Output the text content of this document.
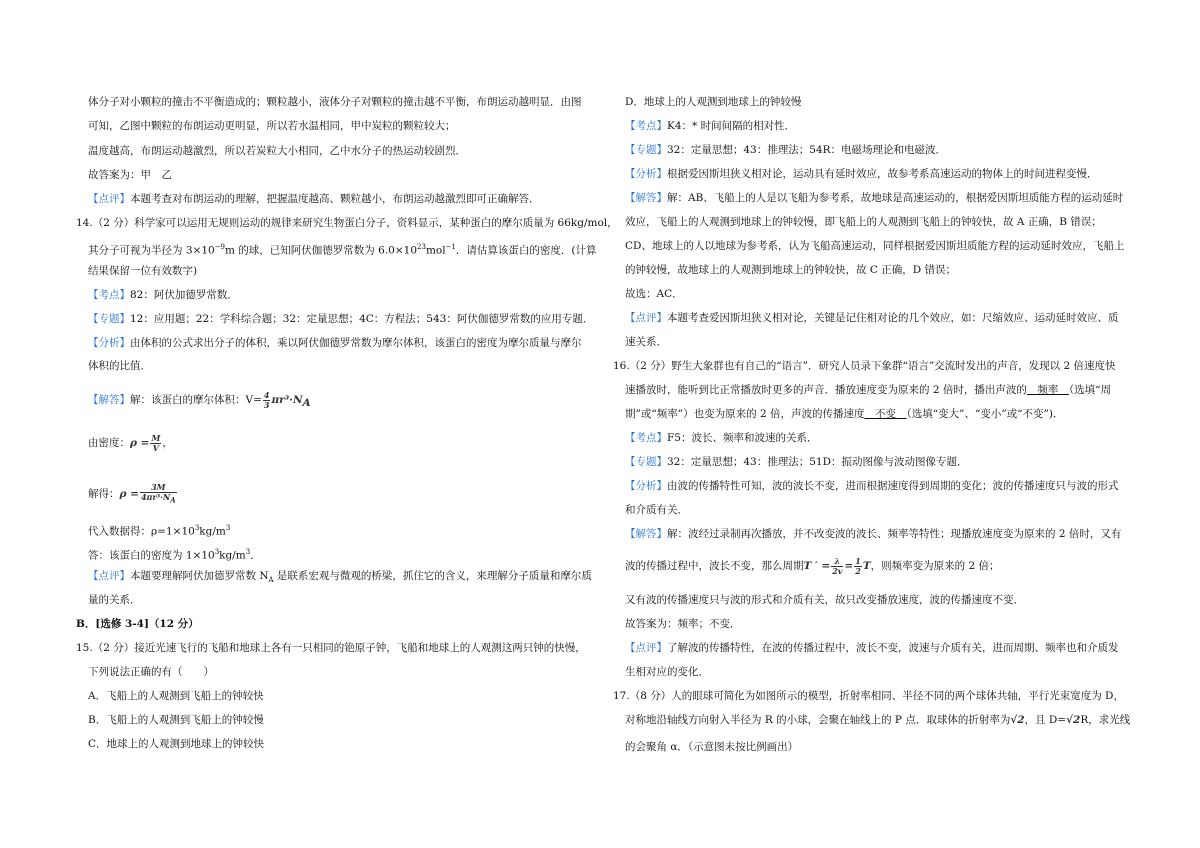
体分子对小颗粒的撞击不平衡造成的；颗粒越小，液体分子对颗粒的撞击越不平衡，布朗运动越明显．由图
可知，乙图中颗粒的布朗运动更明显，所以若水温相同，甲中炭粒的颗粒较大；
温度越高，布朗运动越激烈，所以若炭粒大小相同，乙中水分子的热运动较剧烈．
故答案为：甲　乙
【点评】本题考查对布朗运动的理解，把握温度越高、颗粒越小，布朗运动越激烈即可正确解答．
14.（2 分）科学家可以运用无规则运动的规律来研究生物蛋白分子，资料显示，某种蛋白的摩尔质量为 66kg/mol，
其分子可视为半径为 $3\times 10^{-9}m$ 的球，已知阿伏伽德罗常数为 $6.0\times 10^{23}mol^{-1}$．请估算该蛋白的密度．(计算
结果保留一位有效数字)
【考点】82：阿伏加德罗常数．
【专题】12：应用题；22：学科综合题；32：定量思想；4C：方程法；543：阿伏伽德罗常数的应用专题．
【分析】由体积的公式求出分子的体积，乘以阿伏伽德罗常数为摩尔体积，该蛋白的密度为摩尔质量与摩尔
体积的比值．
【解答】解：该蛋白的摩尔体积：$V= \frac{4}{3} \pi r^3\cdot N_A$
由密度：$\rho = \frac{M}{V}$ ，
解得：$\rho = \frac{3M}{4\pi r^3\cdot N_A}$
代入数据得：$\rho=1\times 10^3kg/m^3$
答：该蛋白的密度为 $1\times 10^3kg/m^3$．
【点评】本题要理解阿伏加德罗常数 $N_A$ 是联系宏观与微观的桥梁，抓住它的含义，来理解分子质量和摩尔质
量的关系．
B．[选修 3-4]（12 分）
15.（2 分）接近光速飞行的飞船和地球上各有一只相同的铯原子钟，飞船和地球上的人观测这两只钟的快慢，
下列说法正确的有（　　）
A．飞船上的人观测到飞船上的钟较快
B．飞船上的人观测到飞船上的钟较慢
C．地球上的人观测到地球上的钟较快
D．地球上的人观测到地球上的钟较慢
【考点】K4：* 时间间隔的相对性．
【专题】32：定量思想；43：推理法；54R：电磁场理论和电磁波．
【分析】根据爱因斯坦狭义相对论，运动具有延时效应，故参考系高速运动的物体上的时间进程变慢．
【解答】解：AB、飞船上的人是以飞船为参考系，故地球是高速运动的，根据爱因斯坦质能方程的运动延时
效应，飞船上的人观测到地球上的钟较慢，即飞船上的人观测到飞船上的钟较快，故 A 正确，B 错误；
CD、地球上的人以地球为参考系，认为飞船高速运动，同样根据爱因斯坦质能方程的运动延时效应，飞船上
的钟较慢，故地球上的人观测到地球上的钟较快，故 C 正确，D 错误；
故选：AC．
【点评】本题考查爱因斯坦狭义相对论，关键是记住相对论的几个效应，如：尺缩效应、运动延时效应、质
速关系．
16.（2 分）野生大象群也有自己的“语言”．研究人员录下象群“语言”交流时发出的声音，发现以 2 倍速度快
速播放时，能听到比正常播放时更多的声音．播放速度变为原来的 2 倍时，播出声波的　频率　（选填“周
期”或“频率”）也变为原来的 2 倍，声波的传播速度　不变　（选填“变大”、“变小”或“不变”)．
【考点】F5：波长、频率和波速的关系．
【专题】32：定量思想；43：推理法；51D：振动图像与波动图像专题．
【分析】由波的传播特性可知，波的波长不变，进而根据速度得到周期的变化；波的传播速度只与波的形式
和介质有关．
【解答】解：波经过录制再次播放，并不改变波的波长、频率等特性；现播放速度变为原来的 2 倍时，又有
波的传播过程中，波长不变，那么周期T ′ = $\frac{\lambda}{2v} = \frac{1}{2}$ T，则频率变为原来的 2 倍；
又有波的传播速度只与波的形式和介质有关，故只改变播放速度，波的传播速度不变．
故答案为：频率；不变．
【点评】了解波的传播特性，在波的传播过程中，波长不变，波速与介质有关，进而周期、频率也和介质发
生相对应的变化．
17.（8 分）人的眼球可简化为如图所示的模型，折射率相同、半径不同的两个球体共轴，平行光束宽度为 D，
对称地沿轴线方向射入半径为 R 的小球，会聚在轴线上的 P 点．取球体的折射率为√2，且 D=√2R，求光线
的会聚角 α．（示意图未按比例画出）
